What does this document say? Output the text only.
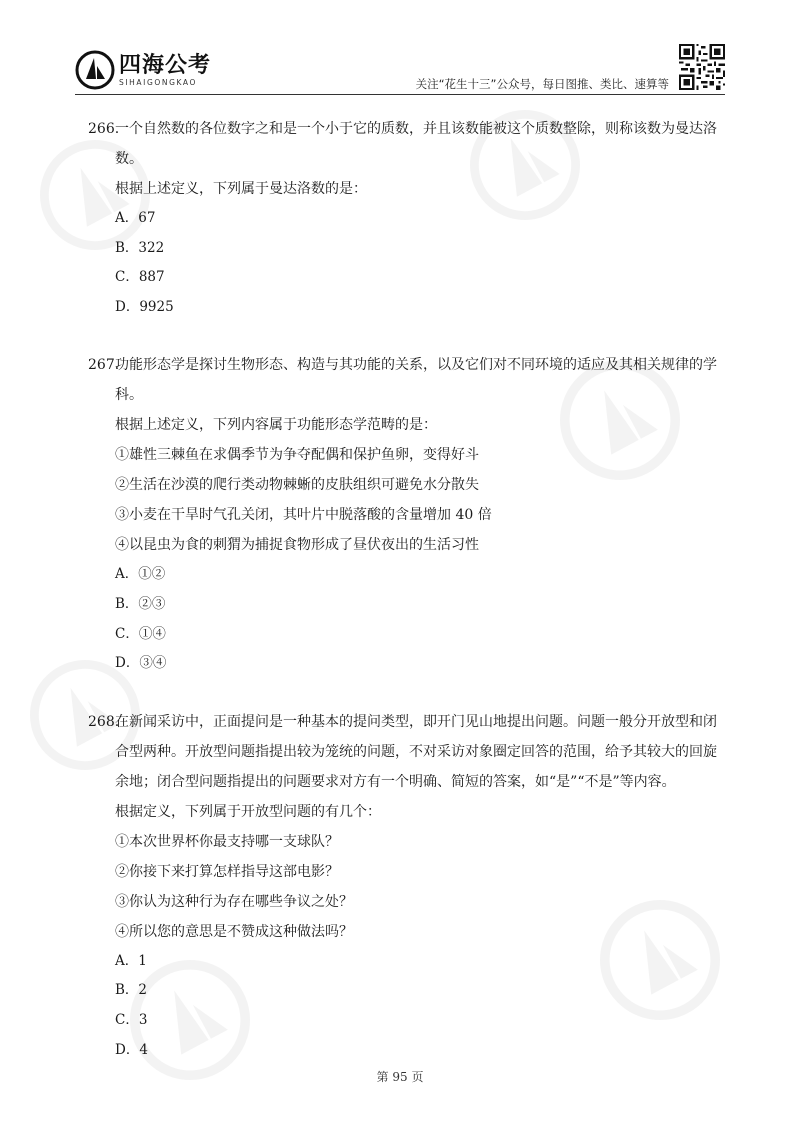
四海公考
SIHAIGONGKAO	关注“花生十三”公众号，每日图推、类比、速算等
266.
一个自然数的各位数字之和是一个小于它的质数，并且该数能被这个质数整除，则称该数为曼达洛数。
根据上述定义，下列属于曼达洛数的是：
A．67
B．322
C．887
D．9925
267.
功能形态学是探讨生物形态、构造与其功能的关系，以及它们对不同环境的适应及其相关规律的学科。
根据上述定义，下列内容属于功能形态学范畴的是：
①雄性三棘鱼在求偶季节为争夺配偶和保护鱼卵，变得好斗
②生活在沙漠的爬行类动物棘蜥的皮肤组织可避免水分散失
③小麦在干旱时气孔关闭，其叶片中脱落酸的含量增加 40 倍
④以昆虫为食的刺猬为捕捉食物形成了昼伏夜出的生活习性
A．①②
B．②③
C．①④
D．③④
268.
在新闻采访中，正面提问是一种基本的提问类型，即开门见山地提出问题。问题一般分开放型和闭合型两种。开放型问题指提出较为笼统的问题，不对采访对象圈定回答的范围，给予其较大的回旋余地；闭合型问题指提出的问题要求对方有一个明确、简短的答案，如“是”“不是”等内容。
根据定义，下列属于开放型问题的有几个：
①本次世界杯你最支持哪一支球队？
②你接下来打算怎样指导这部电影？
③你认为这种行为存在哪些争议之处？
④所以您的意思是不赞成这种做法吗？
A．1
B．2
C．3
D．4
第 95 页
